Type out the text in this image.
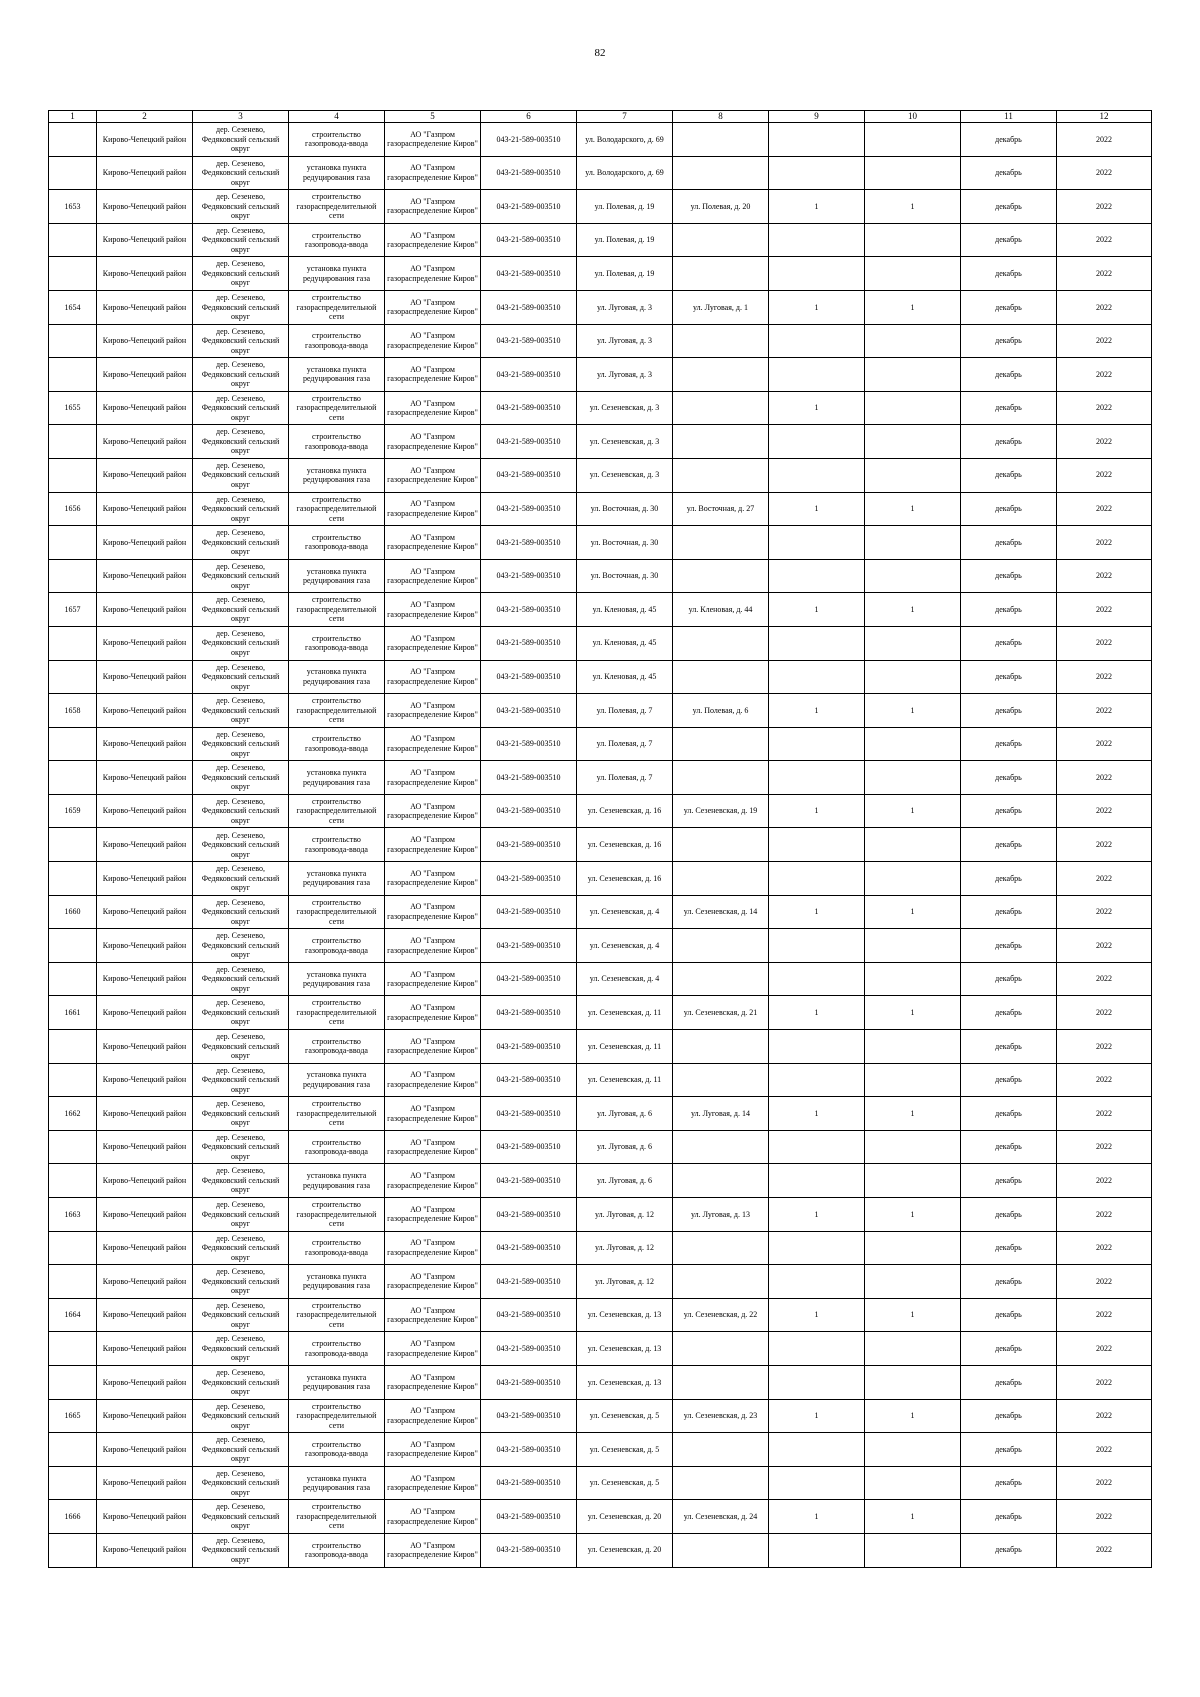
82
1	2	3	4	5	6	7	8	9	10	11	12

	Кирово-Чепецкий район	дер. Сезенево, Федяковский сельский округ	строительство газопровода-ввода	АО "Газпром газораспределение Киров"	043-21-589-003510	ул. Володарского, д. 69				декабрь	2022

	Кирово-Чепецкий район	дер. Сезенево, Федяковский сельский округ	установка пункта редуцирования газа	АО "Газпром газораспределение Киров"	043-21-589-003510	ул. Володарского, д. 69				декабрь	2022

1653	Кирово-Чепецкий район	дер. Сезенево, Федяковский сельский округ	строительство газораспределительной сети	АО "Газпром газораспределение Киров"	043-21-589-003510	ул. Полевая, д. 19	ул. Полевая, д. 20	1	1	декабрь	2022

	Кирово-Чепецкий район	дер. Сезенево, Федяковский сельский округ	строительство газопровода-ввода	АО "Газпром газораспределение Киров"	043-21-589-003510	ул. Полевая, д. 19				декабрь	2022

	Кирово-Чепецкий район	дер. Сезенево, Федяковский сельский округ	установка пункта редуцирования газа	АО "Газпром газораспределение Киров"	043-21-589-003510	ул. Полевая, д. 19				декабрь	2022

1654	Кирово-Чепецкий район	дер. Сезенево, Федяковский сельский округ	строительство газораспределительной сети	АО "Газпром газораспределение Киров"	043-21-589-003510	ул. Луговая, д. 3	ул. Луговая, д. 1	1	1	декабрь	2022

	Кирово-Чепецкий район	дер. Сезенево, Федяковский сельский округ	строительство газопровода-ввода	АО "Газпром газораспределение Киров"	043-21-589-003510	ул. Луговая, д. 3				декабрь	2022

	Кирово-Чепецкий район	дер. Сезенево, Федяковский сельский округ	установка пункта редуцирования газа	АО "Газпром газораспределение Киров"	043-21-589-003510	ул. Луговая, д. 3				декабрь	2022

1655	Кирово-Чепецкий район	дер. Сезенево, Федяковский сельский округ	строительство газораспределительной сети	АО "Газпром газораспределение Киров"	043-21-589-003510	ул. Сезеневская, д. 3		1		декабрь	2022

	Кирово-Чепецкий район	дер. Сезенево, Федяковский сельский округ	строительство газопровода-ввода	АО "Газпром газораспределение Киров"	043-21-589-003510	ул. Сезеневская, д. 3				декабрь	2022

	Кирово-Чепецкий район	дер. Сезенево, Федяковский сельский округ	установка пункта редуцирования газа	АО "Газпром газораспределение Киров"	043-21-589-003510	ул. Сезеневская, д. 3				декабрь	2022

1656	Кирово-Чепецкий район	дер. Сезенево, Федяковский сельский округ	строительство газораспределительной сети	АО "Газпром газораспределение Киров"	043-21-589-003510	ул. Восточная, д. 30	ул. Восточная, д. 27	1	1	декабрь	2022

	Кирово-Чепецкий район	дер. Сезенево, Федяковский сельский округ	строительство газопровода-ввода	АО "Газпром газораспределение Киров"	043-21-589-003510	ул. Восточная, д. 30				декабрь	2022

	Кирово-Чепецкий район	дер. Сезенево, Федяковский сельский округ	установка пункта редуцирования газа	АО "Газпром газораспределение Киров"	043-21-589-003510	ул. Восточная, д. 30				декабрь	2022

1657	Кирово-Чепецкий район	дер. Сезенево, Федяковский сельский округ	строительство газораспределительной сети	АО "Газпром газораспределение Киров"	043-21-589-003510	ул. Кленовая, д. 45	ул. Кленовая, д. 44	1	1	декабрь	2022

	Кирово-Чепецкий район	дер. Сезенево, Федяковский сельский округ	строительство газопровода-ввода	АО "Газпром газораспределение Киров"	043-21-589-003510	ул. Кленовая, д. 45				декабрь	2022

	Кирово-Чепецкий район	дер. Сезенево, Федяковский сельский округ	установка пункта редуцирования газа	АО "Газпром газораспределение Киров"	043-21-589-003510	ул. Кленовая, д. 45				декабрь	2022

1658	Кирово-Чепецкий район	дер. Сезенево, Федяковский сельский округ	строительство газораспределительной сети	АО "Газпром газораспределение Киров"	043-21-589-003510	ул. Полевая, д. 7	ул. Полевая, д. 6	1	1	декабрь	2022

	Кирово-Чепецкий район	дер. Сезенево, Федяковский сельский округ	строительство газопровода-ввода	АО "Газпром газораспределение Киров"	043-21-589-003510	ул. Полевая, д. 7				декабрь	2022

	Кирово-Чепецкий район	дер. Сезенево, Федяковский сельский округ	установка пункта редуцирования газа	АО "Газпром газораспределение Киров"	043-21-589-003510	ул. Полевая, д. 7				декабрь	2022

1659	Кирово-Чепецкий район	дер. Сезенево, Федяковский сельский округ	строительство газораспределительной сети	АО "Газпром газораспределение Киров"	043-21-589-003510	ул. Сезеневская, д. 16	ул. Сезеневская, д. 19	1	1	декабрь	2022

	Кирово-Чепецкий район	дер. Сезенево, Федяковский сельский округ	строительство газопровода-ввода	АО "Газпром газораспределение Киров"	043-21-589-003510	ул. Сезеневская, д. 16				декабрь	2022

	Кирово-Чепецкий район	дер. Сезенево, Федяковский сельский округ	установка пункта редуцирования газа	АО "Газпром газораспределение Киров"	043-21-589-003510	ул. Сезеневская, д. 16				декабрь	2022

1660	Кирово-Чепецкий район	дер. Сезенево, Федяковский сельский округ	строительство газораспределительной сети	АО "Газпром газораспределение Киров"	043-21-589-003510	ул. Сезеневская, д. 4	ул. Сезеневская, д. 14	1	1	декабрь	2022

	Кирово-Чепецкий район	дер. Сезенево, Федяковский сельский округ	строительство газопровода-ввода	АО "Газпром газораспределение Киров"	043-21-589-003510	ул. Сезеневская, д. 4				декабрь	2022

	Кирово-Чепецкий район	дер. Сезенево, Федяковский сельский округ	установка пункта редуцирования газа	АО "Газпром газораспределение Киров"	043-21-589-003510	ул. Сезеневская, д. 4				декабрь	2022

1661	Кирово-Чепецкий район	дер. Сезенево, Федяковский сельский округ	строительство газораспределительной сети	АО "Газпром газораспределение Киров"	043-21-589-003510	ул. Сезеневская, д. 11	ул. Сезеневская, д. 21	1	1	декабрь	2022

	Кирово-Чепецкий район	дер. Сезенево, Федяковский сельский округ	строительство газопровода-ввода	АО "Газпром газораспределение Киров"	043-21-589-003510	ул. Сезеневская, д. 11				декабрь	2022

	Кирово-Чепецкий район	дер. Сезенево, Федяковский сельский округ	установка пункта редуцирования газа	АО "Газпром газораспределение Киров"	043-21-589-003510	ул. Сезеневская, д. 11				декабрь	2022

1662	Кирово-Чепецкий район	дер. Сезенево, Федяковский сельский округ	строительство газораспределительной сети	АО "Газпром газораспределение Киров"	043-21-589-003510	ул. Луговая, д. 6	ул. Луговая, д. 14	1	1	декабрь	2022

	Кирово-Чепецкий район	дер. Сезенево, Федяковский сельский округ	строительство газопровода-ввода	АО "Газпром газораспределение Киров"	043-21-589-003510	ул. Луговая, д. 6				декабрь	2022

	Кирово-Чепецкий район	дер. Сезенево, Федяковский сельский округ	установка пункта редуцирования газа	АО "Газпром газораспределение Киров"	043-21-589-003510	ул. Луговая, д. 6				декабрь	2022

1663	Кирово-Чепецкий район	дер. Сезенево, Федяковский сельский округ	строительство газораспределительной сети	АО "Газпром газораспределение Киров"	043-21-589-003510	ул. Луговая, д. 12	ул. Луговая, д. 13	1	1	декабрь	2022

	Кирово-Чепецкий район	дер. Сезенево, Федяковский сельский округ	строительство газопровода-ввода	АО "Газпром газораспределение Киров"	043-21-589-003510	ул. Луговая, д. 12				декабрь	2022

	Кирово-Чепецкий район	дер. Сезенево, Федяковский сельский округ	установка пункта редуцирования газа	АО "Газпром газораспределение Киров"	043-21-589-003510	ул. Луговая, д. 12				декабрь	2022

1664	Кирово-Чепецкий район	дер. Сезенево, Федяковский сельский округ	строительство газораспределительной сети	АО "Газпром газораспределение Киров"	043-21-589-003510	ул. Сезеневская, д. 13	ул. Сезеневская, д. 22	1	1	декабрь	2022

	Кирово-Чепецкий район	дер. Сезенево, Федяковский сельский округ	строительство газопровода-ввода	АО "Газпром газораспределение Киров"	043-21-589-003510	ул. Сезеневская, д. 13				декабрь	2022

	Кирово-Чепецкий район	дер. Сезенево, Федяковский сельский округ	установка пункта редуцирования газа	АО "Газпром газораспределение Киров"	043-21-589-003510	ул. Сезеневская, д. 13				декабрь	2022

1665	Кирово-Чепецкий район	дер. Сезенево, Федяковский сельский округ	строительство газораспределительной сети	АО "Газпром газораспределение Киров"	043-21-589-003510	ул. Сезеневская, д. 5	ул. Сезеневская, д. 23	1	1	декабрь	2022

	Кирово-Чепецкий район	дер. Сезенево, Федяковский сельский округ	строительство газопровода-ввода	АО "Газпром газораспределение Киров"	043-21-589-003510	ул. Сезеневская, д. 5				декабрь	2022

	Кирово-Чепецкий район	дер. Сезенево, Федяковский сельский округ	установка пункта редуцирования газа	АО "Газпром газораспределение Киров"	043-21-589-003510	ул. Сезеневская, д. 5				декабрь	2022

1666	Кирово-Чепецкий район	дер. Сезенево, Федяковский сельский округ	строительство газораспределительной сети	АО "Газпром газораспределение Киров"	043-21-589-003510	ул. Сезеневская, д. 20	ул. Сезеневская, д. 24	1	1	декабрь	2022

	Кирово-Чепецкий район	дер. Сезенево, Федяковский сельский округ	строительство газопровода-ввода	АО "Газпром газораспределение Киров"	043-21-589-003510	ул. Сезеневская, д. 20				декабрь	2022
